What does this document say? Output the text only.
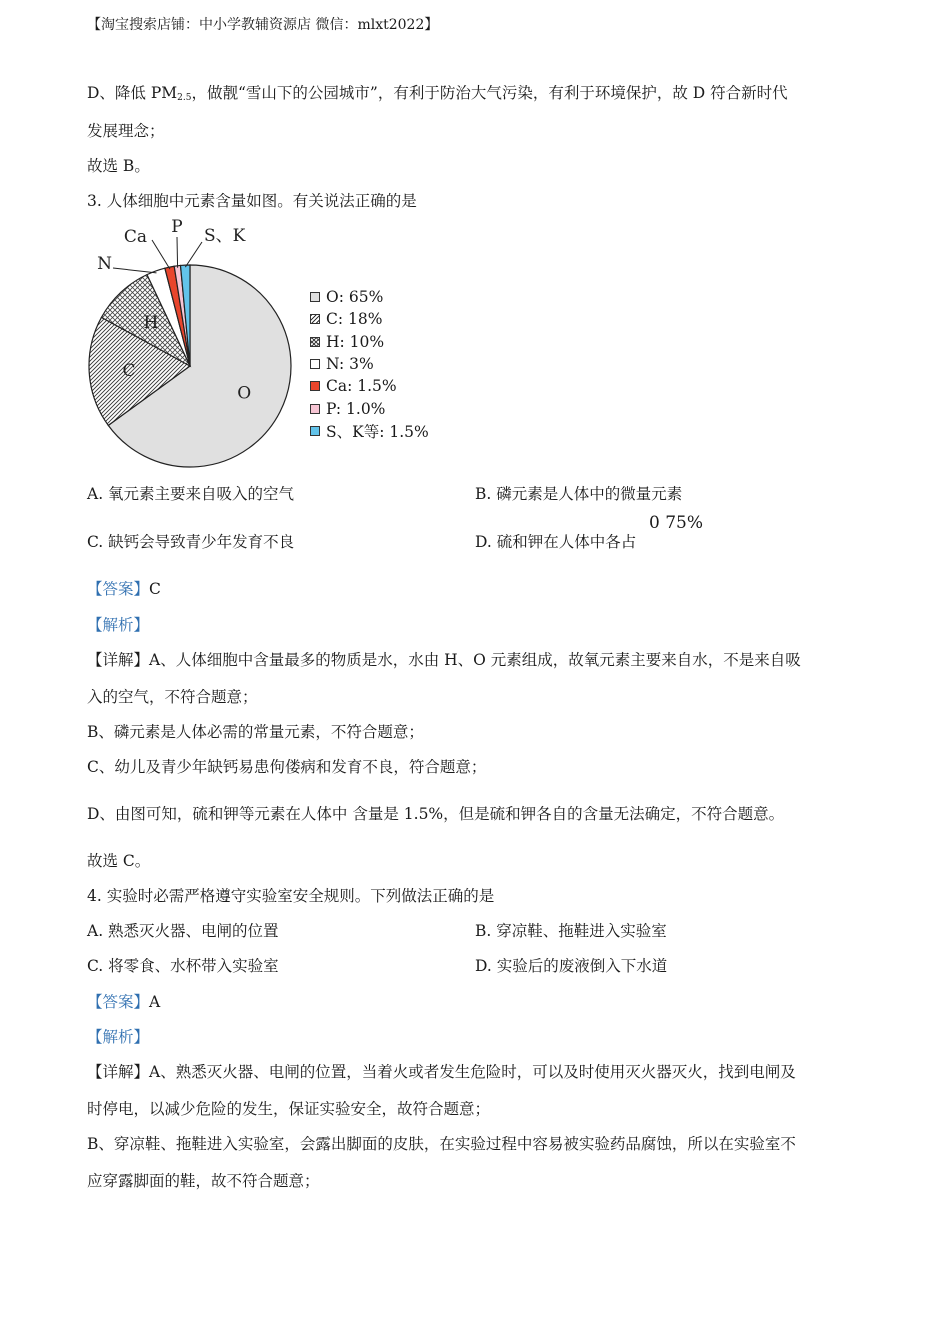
【淘宝搜索店铺：中小学教辅资源店 微信：mlxt2022】
D、降低 $PM_{2.5}$，做靓“雪山下的公园城市”，有利于防治大气污染，有利于环境保护，故 D 符合新时代
发展理念；
故选 B。
3. 人体细胞中元素含量如图。有关说法正确的是
O
C
H
N
Ca P S、K
O: 65%
C: 18%
H: 10%
N: 3%
Ca: 1.5%
P: 1.0%
S、K等: 1.5%
A. 氧元素主要来自吸入的空气	B. 磷元素是人体中的微量元素
C. 缺钙会导致青少年发育不良	D. 硫和钾在人体中各占
0 75%
【答案】C
【解析】
【详解】A、人体细胞中含量最多的物质是水，水由 H、O 元素组成，故氧元素主要来自水，不是来自吸
入的空气，不符合题意；
B、磷元素是人体必需的常量元素，不符合题意；
C、幼儿及青少年缺钙易患佝偻病和发育不良，符合题意；
D、由图可知，硫和钾等元素在人体中 含量是 1.5%，但是硫和钾各自的含量无法确定，不符合题意。
故选 C。
4. 实验时必需严格遵守实验室安全规则。下列做法正确的是
A. 熟悉灭火器、电闸的位置	B. 穿凉鞋、拖鞋进入实验室
C. 将零食、水杯带入实验室	D. 实验后的废液倒入下水道
【答案】A
【解析】
【详解】A、熟悉灭火器、电闸的位置，当着火或者发生危险时，可以及时使用灭火器灭火，找到电闸及
时停电，以减少危险的发生，保证实验安全，故符合题意；
B、穿凉鞋、拖鞋进入实验室，会露出脚面的皮肤，在实验过程中容易被实验药品腐蚀，所以在实验室不
应穿露脚面的鞋，故不符合题意；
